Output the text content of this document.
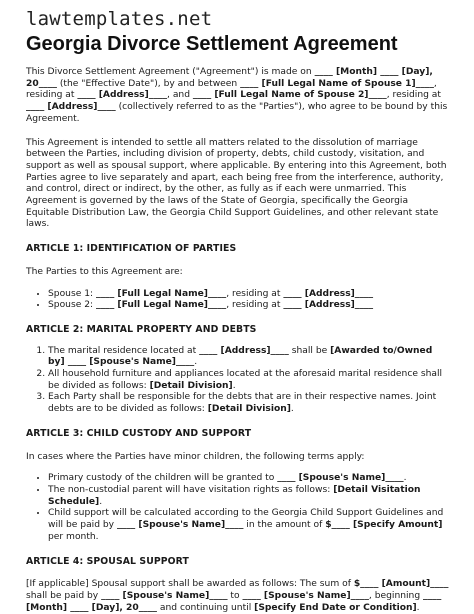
lawtemplates.net
Georgia Divorce Settlement Agreement

This Divorce Settlement Agreement ("Agreement") is made on ____ [Month] ____ [Day], 20____ (the "Effective Date"), by and between ____ [Full Legal Name of Spouse 1]____, residing at ____ [Address]____, and ____ [Full Legal Name of Spouse 2]____, residing at ____ [Address]____ (collectively referred to as the "Parties"), who agree to be bound by this Agreement.

This Agreement is intended to settle all matters related to the dissolution of marriage between the Parties, including division of property, debts, child custody, visitation, and support as well as spousal support, where applicable. By entering into this Agreement, both Parties agree to live separately and apart, each being free from the interference, authority, and control, direct or indirect, by the other, as fully as if each were unmarried. This Agreement is governed by the laws of the State of Georgia, specifically the Georgia Equitable Distribution Law, the Georgia Child Support Guidelines, and other relevant state laws.

ARTICLE 1: IDENTIFICATION OF PARTIES

The Parties to this Agreement are:

• Spouse 1: ____ [Full Legal Name]____, residing at ____ [Address]____
• Spouse 2: ____ [Full Legal Name]____, residing at ____ [Address]____
ARTICLE 2: MARITAL PROPERTY AND DEBTS
1. The marital residence located at ____ [Address]____ shall be [Awarded to/Owned by] ____ [Spouse's Name]____.
2. All household furniture and appliances located at the aforesaid marital residence shall be divided as follows: [Detail Division].
3. Each Party shall be responsible for the debts that are in their respective names. Joint debts are to be divided as follows: [Detail Division].
ARTICLE 3: CHILD CUSTODY AND SUPPORT

In cases where the Parties have minor children, the following terms apply:

• Primary custody of the children will be granted to ____ [Spouse's Name]____.
• The non-custodial parent will have visitation rights as follows: [Detail Visitation Schedule].
• Child support will be calculated according to the Georgia Child Support Guidelines and will be paid by ____ [Spouse's Name]____ in the amount of $____ [Specify Amount] per month.
ARTICLE 4: SPOUSAL SUPPORT

[If applicable] Spousal support shall be awarded as follows: The sum of $____ [Amount]____ shall be paid by ____ [Spouse's Name]____ to ____ [Spouse's Name]____, beginning ____ [Month] ____ [Day], 20____ and continuing until [Specify End Date or Condition].
